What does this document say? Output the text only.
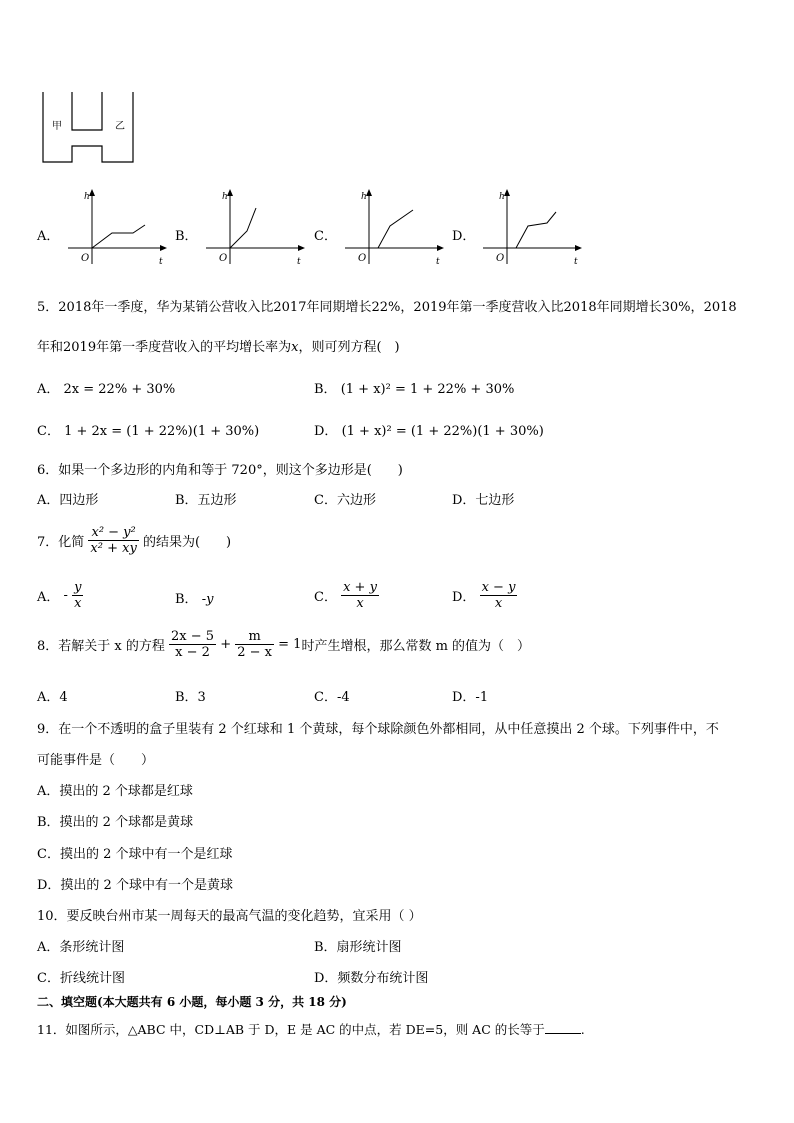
甲	乙
A．
h
O	t
B．
h
O	t
C．
h
O	t
D．
h
O	t
5．2018年一季度，华为某销公营收入比2017年同期增长22%，2019年第一季度营收入比2018年同期增长30%，2018
年和2019年第一季度营收入的平均增长率为x，则可列方程(　)
A． 2x = 22% + 30%	B． (1 + x)² = 1 + 22% + 30%
C． 1 + 2x = (1 + 22%)(1 + 30%)	D． (1 + x)² = (1 + 22%)(1 + 30%)
6．如果一个多边形的内角和等于 720°，则这个多边形是(　　)
A．四边形	B．五边形	C．六边形	D．七边形
7．化简 $\frac{\text{x² − y²}}{\text{x² + xy}}$ 的结果为(　　)
A． - $\frac{y}{x}$	B． -y	C． $\frac{x + y}{x}$	D． $\frac{x - y}{x}$
8．若解关于 x 的方程 $\frac{2x - 5}{x - 2} + \frac{m}{2 - x} = 1$时产生增根，那么常数 m 的值为（　）
A．4	B．3	C．-4	D．-1
9．在一个不透明的盒子里装有 2 个红球和 1 个黄球，每个球除颜色外都相同，从中任意摸出 2 个球。下列事件中，不
可能事件是（　　）
A．摸出的 2 个球都是红球
B．摸出的 2 个球都是黄球
C．摸出的 2 个球中有一个是红球
D．摸出的 2 个球中有一个是黄球
10．要反映台州市某一周每天的最高气温的变化趋势，宜采用（ ）
A．条形统计图	B．扇形统计图
C．折线统计图	D．频数分布统计图
二、填空题(本大题共有 6 小题，每小题 3 分，共 18 分)
11．如图所示，△ABC 中，CD⊥AB 于 D，E 是 AC 的中点，若 DE=5，则 AC 的长等于	.
